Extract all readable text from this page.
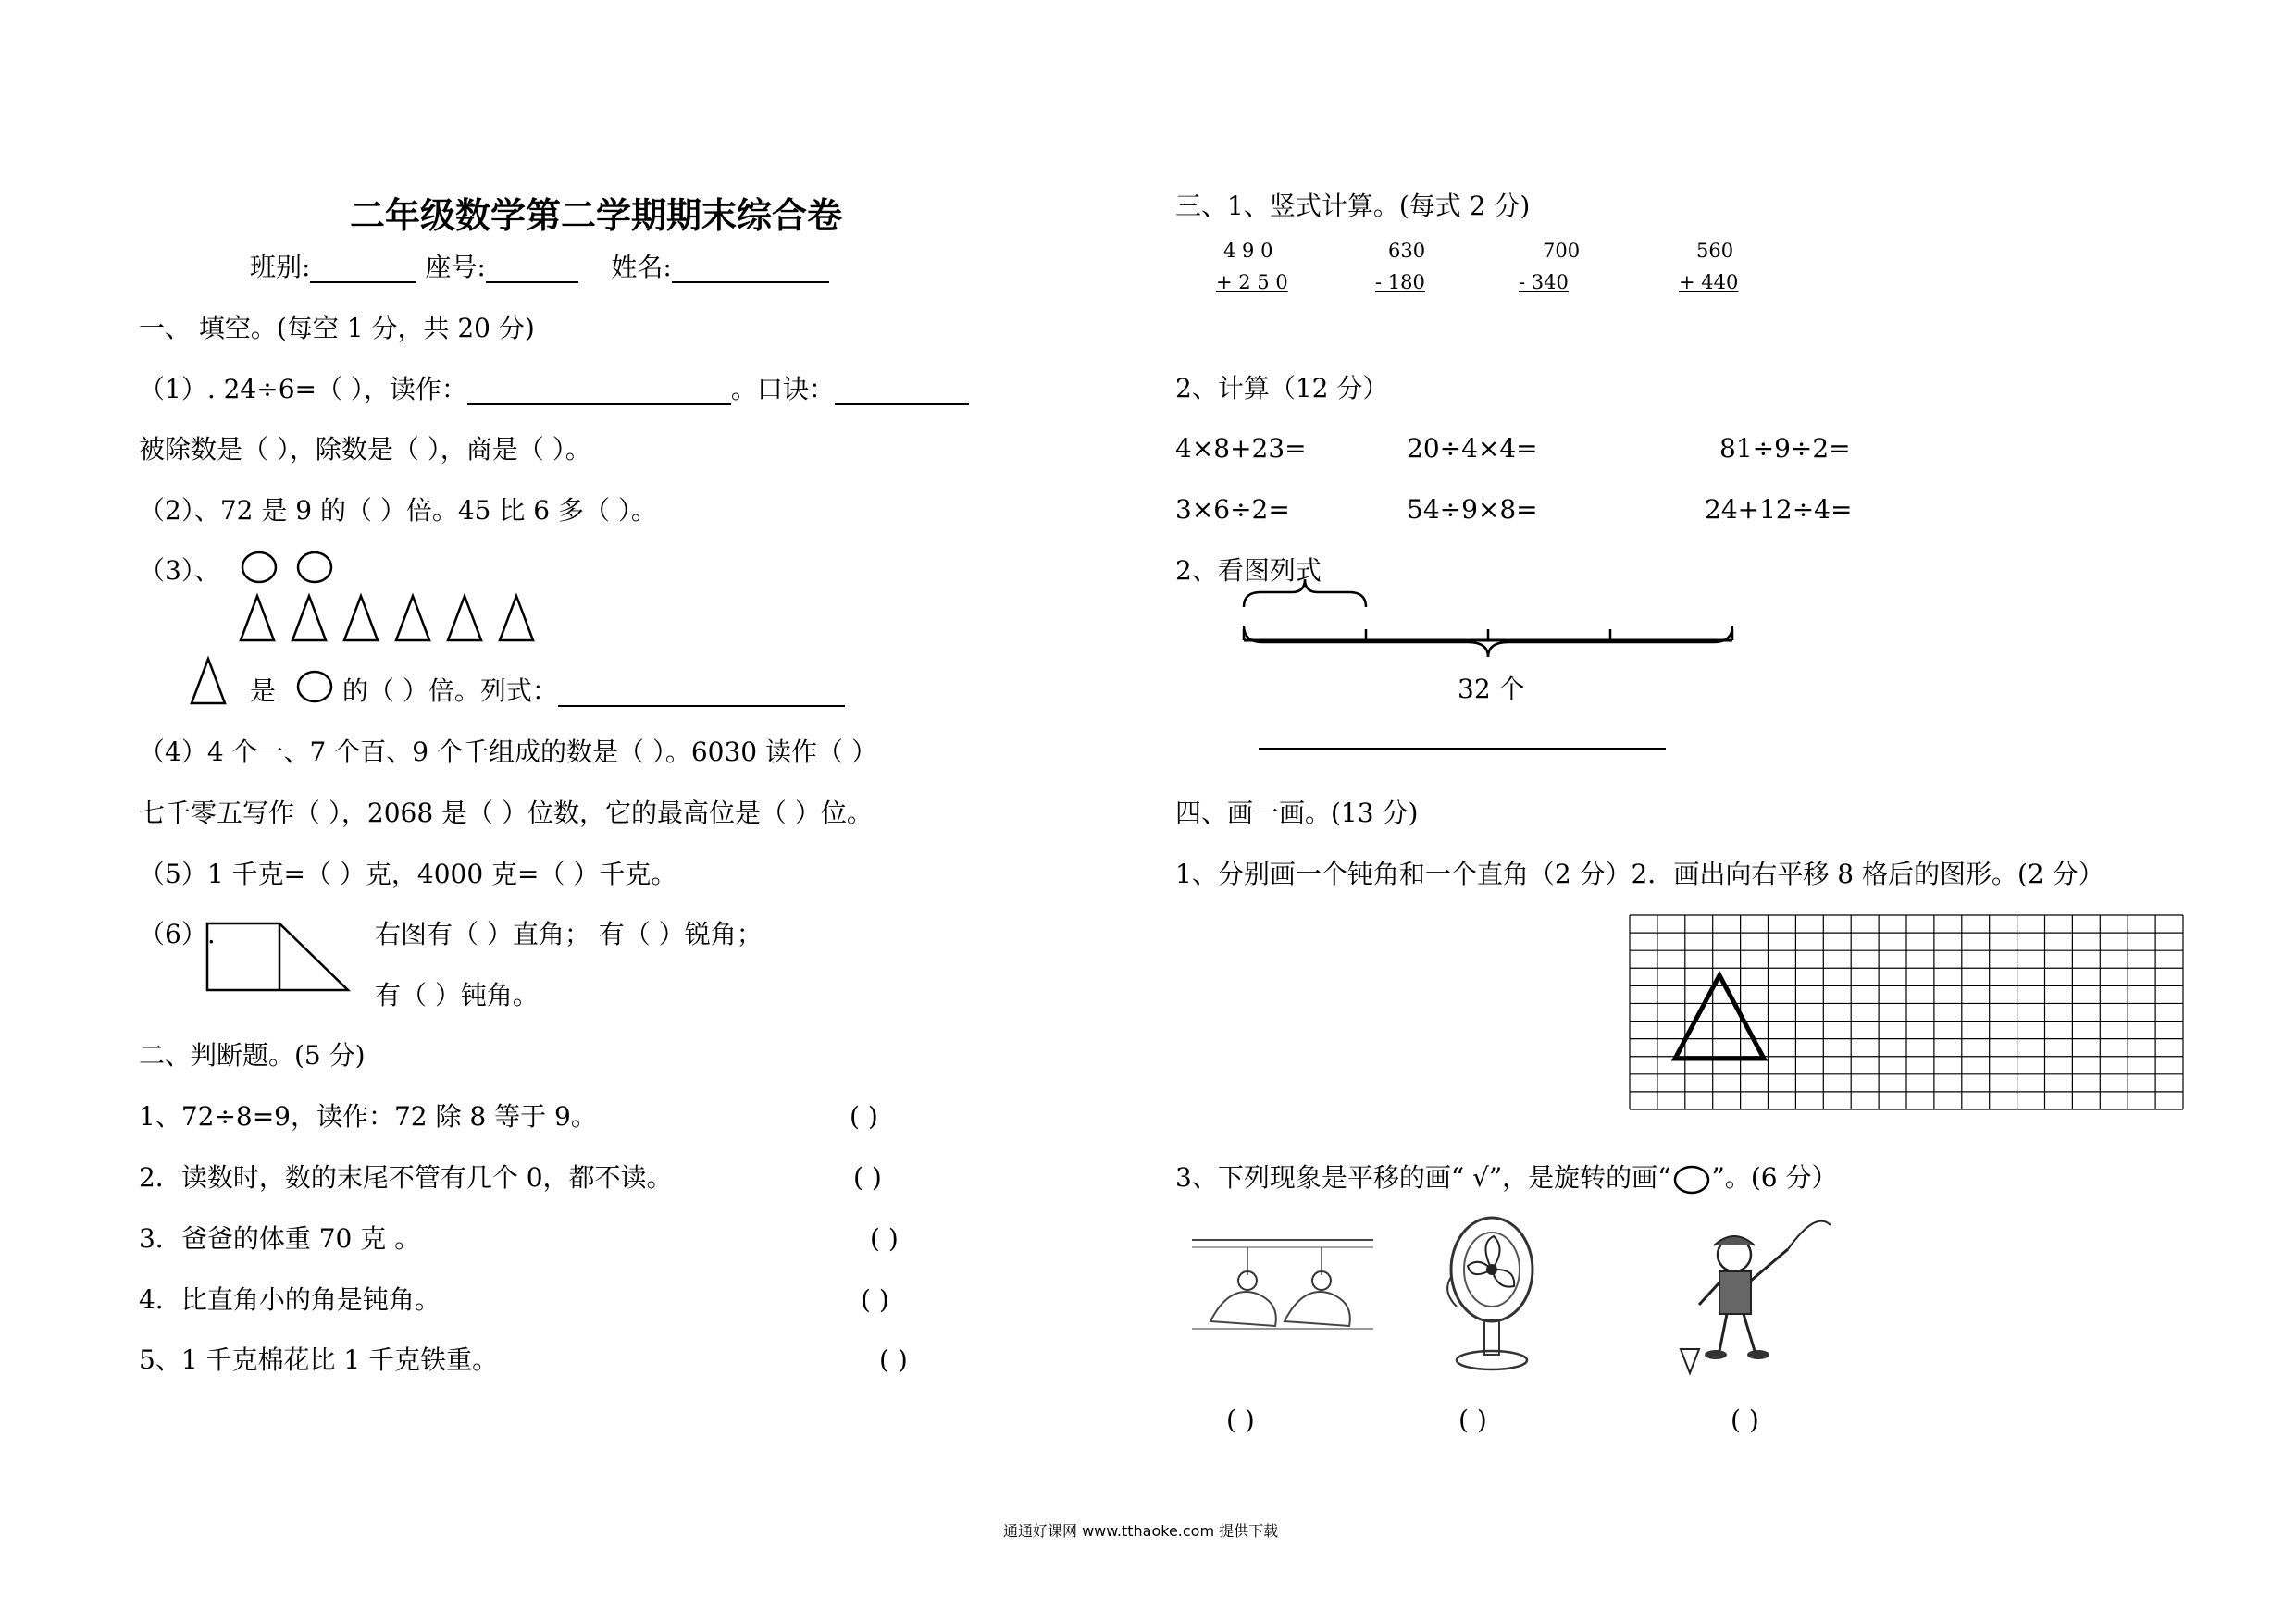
二年级数学第二学期期末综合卷
班别:	座号:	姓名:
一、 填空。(每空 1 分，共 20 分)
（1）. 24÷6=（ ），读作：	。口诀：
被除数是（ ），除数是（ ），商是（ ）。
（2）、72 是 9 的（ ）倍。45 比 6 多（ ）。
（3）、
是	的（ ）倍。列式：
（4）4 个一、7 个百、9 个千组成的数是（ ）。6030 读作（ ）
七千零五写作（ ），2068 是（ ）位数，它的最高位是（ ）位。
（5）1 千克=（ ）克，4000 克=（ ）千克。
（6）.	右图有（ ）直角； 有（ ）锐角；
有（ ）钝角。
二、判断题。(5 分)
1、72÷8=9，读作：72 除 8 等于 9。	( )
2．读数时，数的末尾不管有几个 0，都不读。	( )
3．爸爸的体重 70 克 。	( )
4．比直角小的角是钝角。	( )
5、1 千克棉花比 1 千克铁重。	( )
三、1、竖式计算。(每式 2 分)
4 9 0
+ 2 5 0
630
- 180
700
- 340
560
+ 440
2、计算（12 分）
4×8+23=	20÷4×4=	81÷9÷2=
3×6÷2=	54÷9×8=	24+12÷4=
2、看图列式
32 个
四、画一画。(13 分)
1、分别画一个钝角和一个直角（2 分）2．画出向右平移 8 格后的图形。(2 分）
3、下列现象是平移的画“ √”，是旋转的画“○”。(6 分）
( )	( )	( )
通通好课网 www.tthaoke.com 提供下载
